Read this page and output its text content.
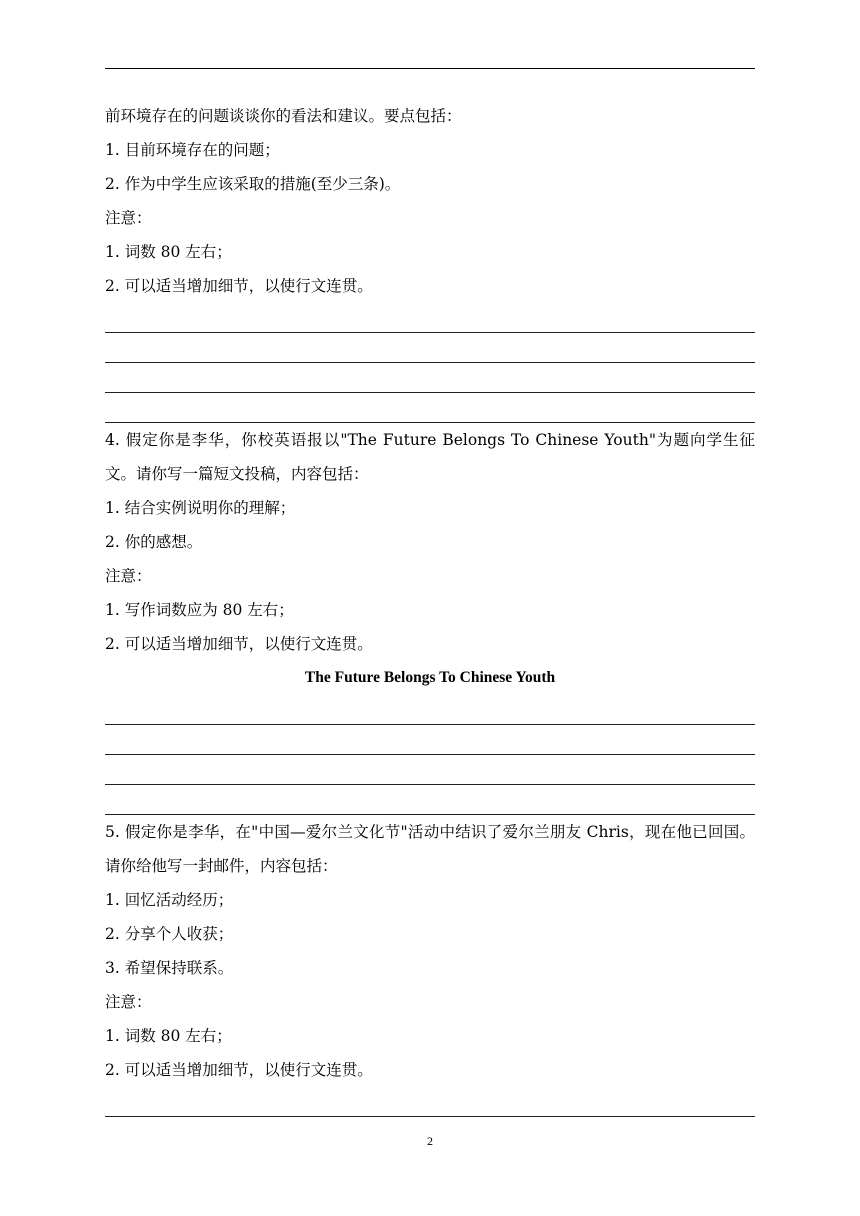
前环境存在的问题谈谈你的看法和建议。要点包括：
1. 目前环境存在的问题；
2. 作为中学生应该采取的措施(至少三条)。
注意：
1. 词数 80 左右；
2. 可以适当增加细节，以使行文连贯。
4. 假定你是李华，你校英语报以"The Future Belongs To Chinese Youth"为题向学生征文。请你写一篇短文投稿，内容包括：
1. 结合实例说明你的理解；
2. 你的感想。
注意：
1. 写作词数应为 80 左右；
2. 可以适当增加细节，以使行文连贯。
The Future Belongs To Chinese Youth
5. 假定你是李华，在"中国—爱尔兰文化节"活动中结识了爱尔兰朋友 Chris，现在他已回国。请你给他写一封邮件，内容包括：
1. 回忆活动经历；
2. 分享个人收获；
3. 希望保持联系。
注意：
1. 词数 80 左右；
2. 可以适当增加细节，以使行文连贯。
2
